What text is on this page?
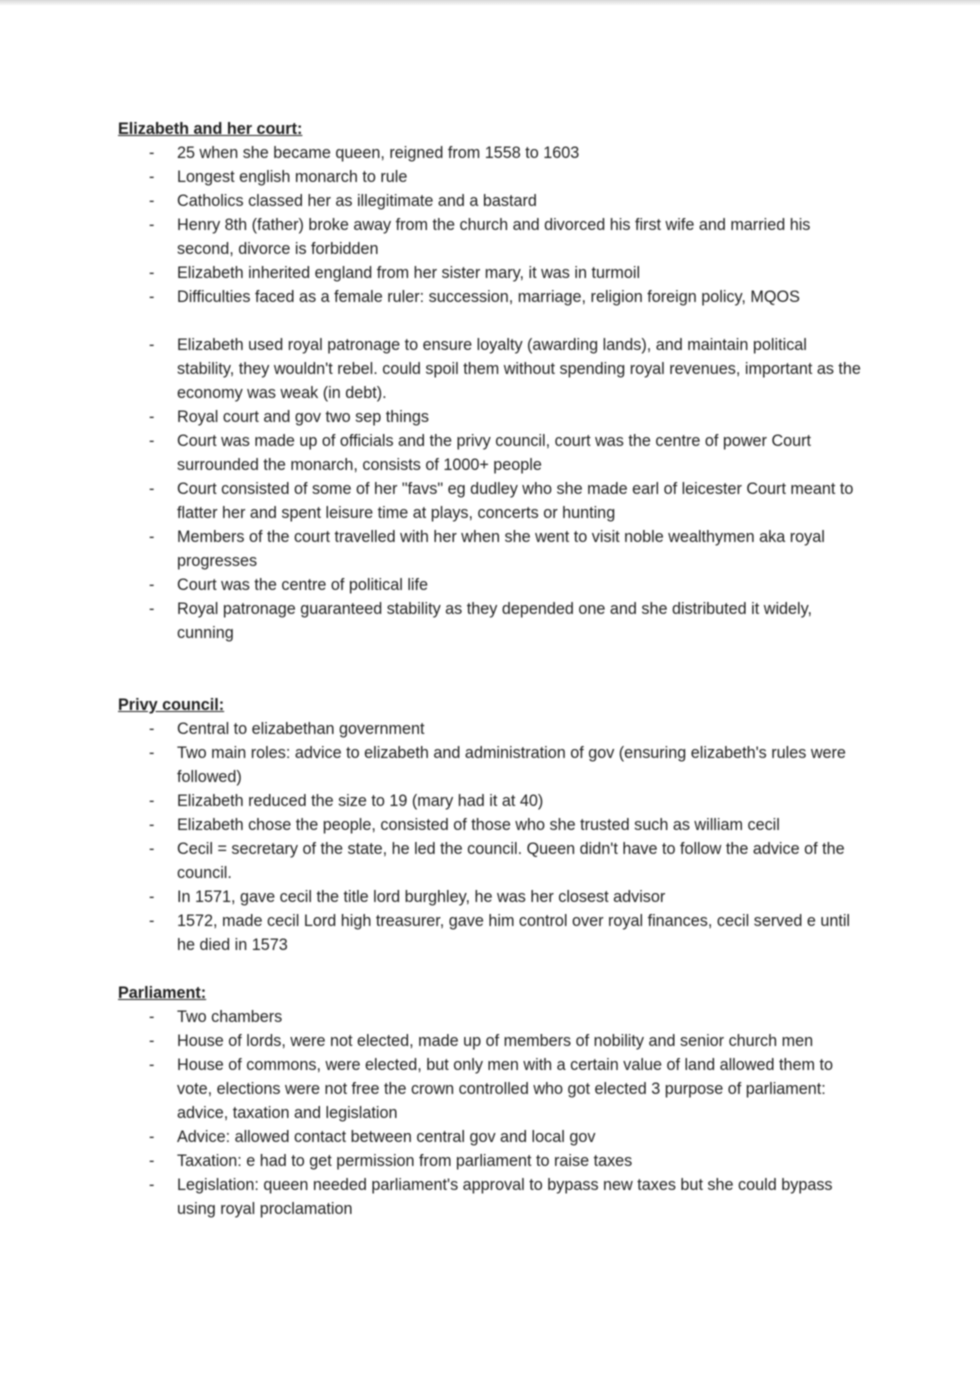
Elizabeth and her court:
- 25 when she became queen, reigned from 1558 to 1603
- Longest english monarch to rule
- Catholics classed her as illegitimate and a bastard
- Henry 8th (father) broke away from the church and divorced his first wife and married his second, divorce is forbidden
- Elizabeth inherited england from her sister mary, it was in turmoil
- Difficulties faced as a female ruler: succession, marriage, religion foreign policy, MQOS
- Elizabeth used royal patronage to ensure loyalty (awarding lands), and maintain political stability, they wouldn't rebel. could spoil them without spending royal revenues, important as the economy was weak (in debt).
- Royal court and gov two sep things
- Court was made up of officials and the privy council, court was the centre of power Court surrounded the monarch, consists of 1000+ people
- Court consisted of some of her "favs" eg dudley who she made earl of leicester Court meant to flatter her and spent leisure time at plays, concerts or hunting
- Members of the court travelled with her when she went to visit noble wealthymen aka royal progresses
- Court was the centre of political life
- Royal patronage guaranteed stability as they depended one and she distributed it widely, cunning
Privy council:
- Central to elizabethan government
- Two main roles: advice to elizabeth and administration of gov (ensuring elizabeth's rules were followed)
- Elizabeth reduced the size to 19 (mary had it at 40)
- Elizabeth chose the people, consisted of those who she trusted such as william cecil
- Cecil = secretary of the state, he led the council. Queen didn't have to follow the advice of the council.
- In 1571, gave cecil the title lord burghley, he was her closest advisor
- 1572, made cecil Lord high treasurer, gave him control over royal finances, cecil served e until he died in 1573
Parliament:
- Two chambers
- House of lords, were not elected, made up of members of nobility and senior church men
- House of commons, were elected, but only men with a certain value of land allowed them to vote, elections were not free the crown controlled who got elected 3 purpose of parliament: advice, taxation and legislation
- Advice: allowed contact between central gov and local gov
- Taxation: e had to get permission from parliament to raise taxes
- Legislation: queen needed parliament's approval to bypass new taxes but she could bypass using royal proclamation
